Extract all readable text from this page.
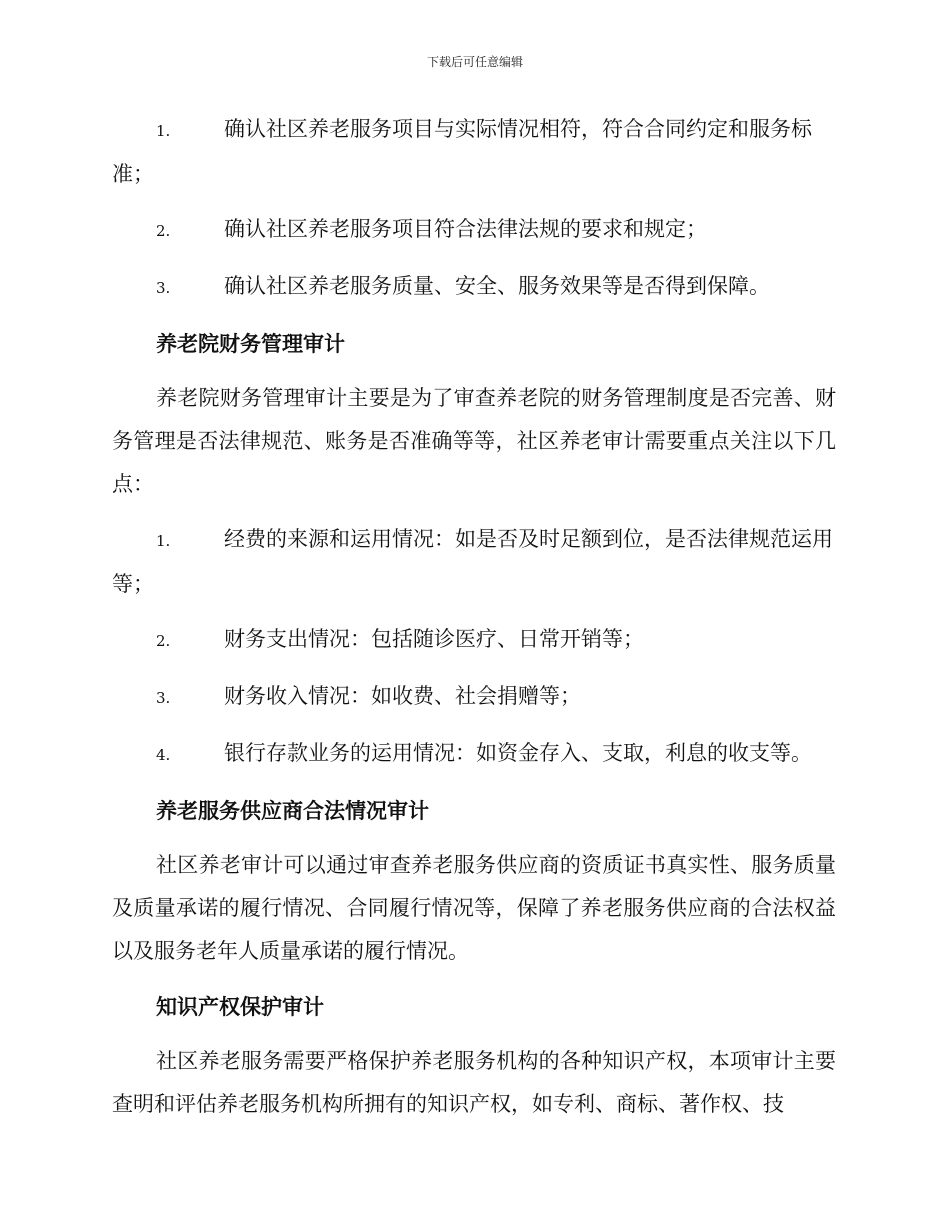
下载后可任意编辑
1.	确认社区养老服务项目与实际情况相符，符合合同约定和服务标准；
2.	确认社区养老服务项目符合法律法规的要求和规定；
3.	确认社区养老服务质量、安全、服务效果等是否得到保障。
养老院财务管理审计
养老院财务管理审计主要是为了审查养老院的财务管理制度是否完善、财务管理是否法律规范、账务是否准确等等，社区养老审计需要重点关注以下几点：
1.	经费的来源和运用情况：如是否及时足额到位，是否法律规范运用等；
2.	财务支出情况：包括随诊医疗、日常开销等；
3.	财务收入情况：如收费、社会捐赠等；
4.	银行存款业务的运用情况：如资金存入、支取，利息的收支等。
养老服务供应商合法情况审计
社区养老审计可以通过审查养老服务供应商的资质证书真实性、服务质量及质量承诺的履行情况、合同履行情况等，保障了养老服务供应商的合法权益以及服务老年人质量承诺的履行情况。
知识产权保护审计
社区养老服务需要严格保护养老服务机构的各种知识产权，本项审计主要查明和评估养老服务机构所拥有的知识产权，如专利、商标、著作权、技
